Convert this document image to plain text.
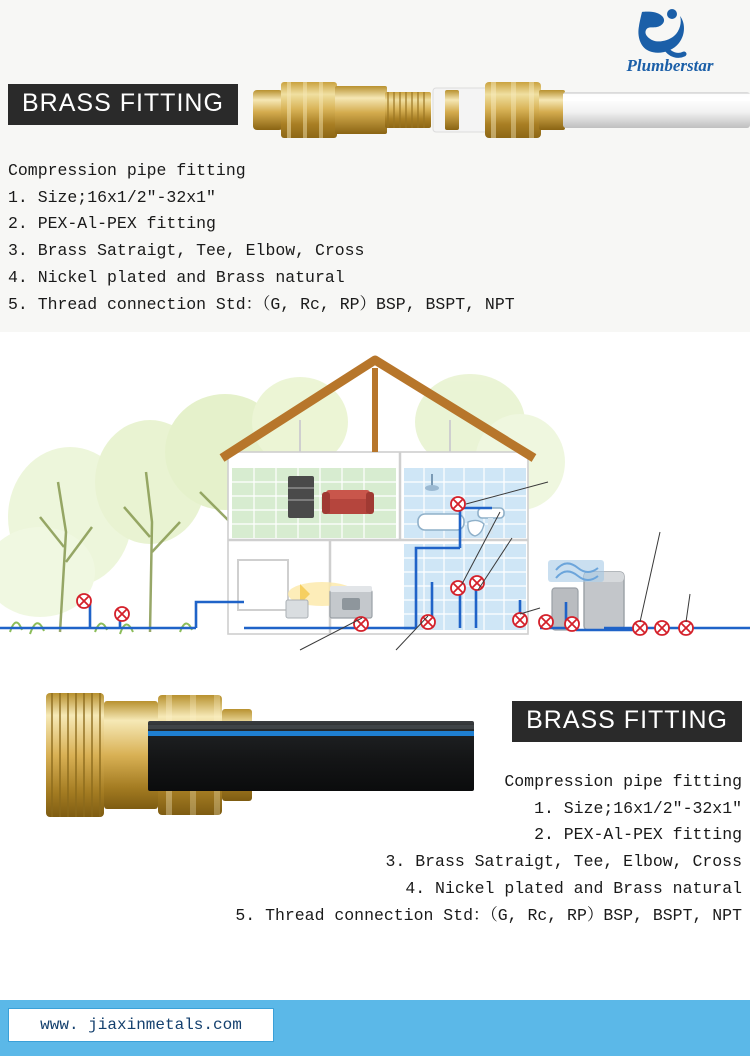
Plumberstar
BRASS FITTING
Compression pipe fitting
1. Size;16x1/2″-32x1″
2. PEX-Al-PEX fitting
3. Brass Satraigt, Tee, Elbow, Cross
4. Nickel plated and Brass natural
5. Thread connection Std：（G, Rc, RP）BSP, BSPT, NPT
BRASS FITTING
Compression pipe fitting
1. Size;16x1/2″-32x1″
2. PEX-Al-PEX fitting
3. Brass Satraigt, Tee, Elbow, Cross
4. Nickel plated and Brass natural
5. Thread connection Std：（G, Rc, RP）BSP, BSPT, NPT
www. jiaxinmetals.com
